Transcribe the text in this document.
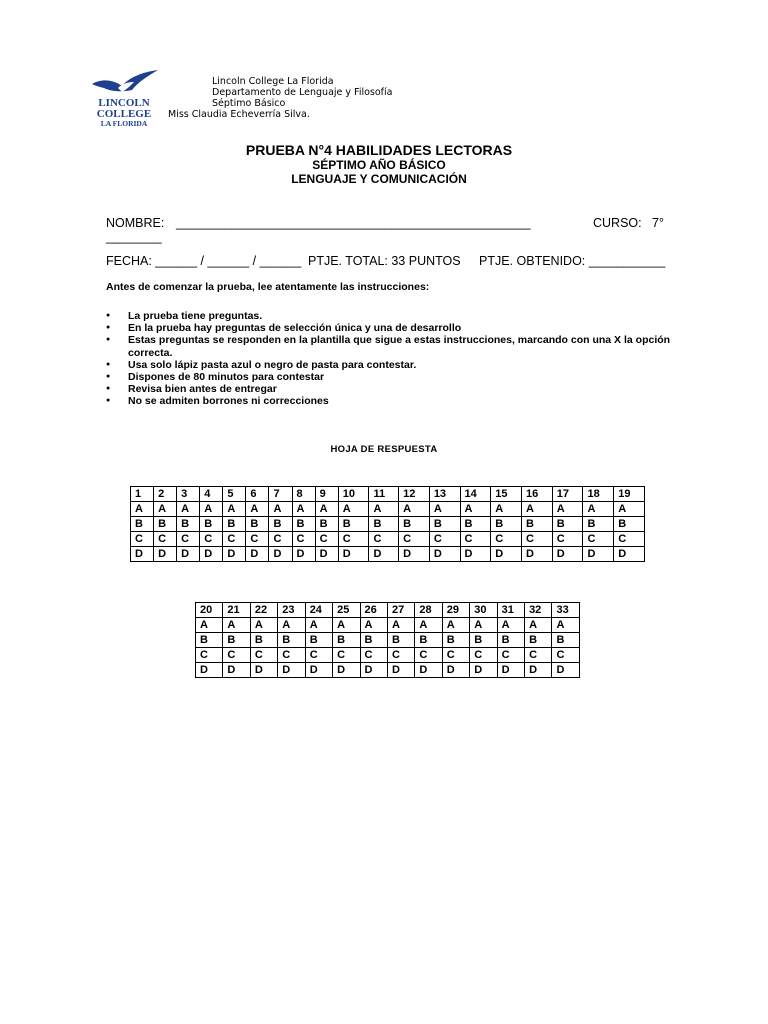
LINCOLN
COLLEGE
LA FLORIDA
Lincoln College La Florida
Departamento de Lenguaje y Filosofía
Séptimo Básico
Miss Claudia Echeverría Silva.
PRUEBA N°4 HABILIDADES LECTORAS
SÉPTIMO AÑO BÁSICO
LENGUAJE Y COMUNICACIÓN
NOMBRE: ___________________________________________________	CURSO: 7°
________
FECHA: ______ / ______ / ______ PTJE. TOTAL: 33 PUNTOS PTJE. OBTENIDO: ___________
Antes de comenzar la prueba, lee atentamente las instrucciones:
● La prueba tiene preguntas.
● En la prueba hay preguntas de selección única y una de desarrollo
● Estas preguntas se responden en la plantilla que sigue a estas instrucciones, marcando con una X la opción correcta.
● Usa solo lápiz pasta azul o negro de pasta para contestar.
● Dispones de 80 minutos para contestar
● Revisa bien antes de entregar
● No se admiten borrones ni correcciones
HOJA DE RESPUESTA
1	2	3	4	5	6	7	8	9	10	11	12	13	14	15	16	17	18	19
A	A	A	A	A	A	A	A	A	A	A	A	A	A	A	A	A	A	A
B	B	B	B	B	B	B	B	B	B	B	B	B	B	B	B	B	B	B
C	C	C	C	C	C	C	C	C	C	C	C	C	C	C	C	C	C	C
D	D	D	D	D	D	D	D	D	D	D	D	D	D	D	D	D	D	D
20	21	22	23	24	25	26	27	28	29	30	31	32	33
A	A	A	A	A	A	A	A	A	A	A	A	A	A
B	B	B	B	B	B	B	B	B	B	B	B	B	B
C	C	C	C	C	C	C	C	C	C	C	C	C	C
D	D	D	D	D	D	D	D	D	D	D	D	D	D
